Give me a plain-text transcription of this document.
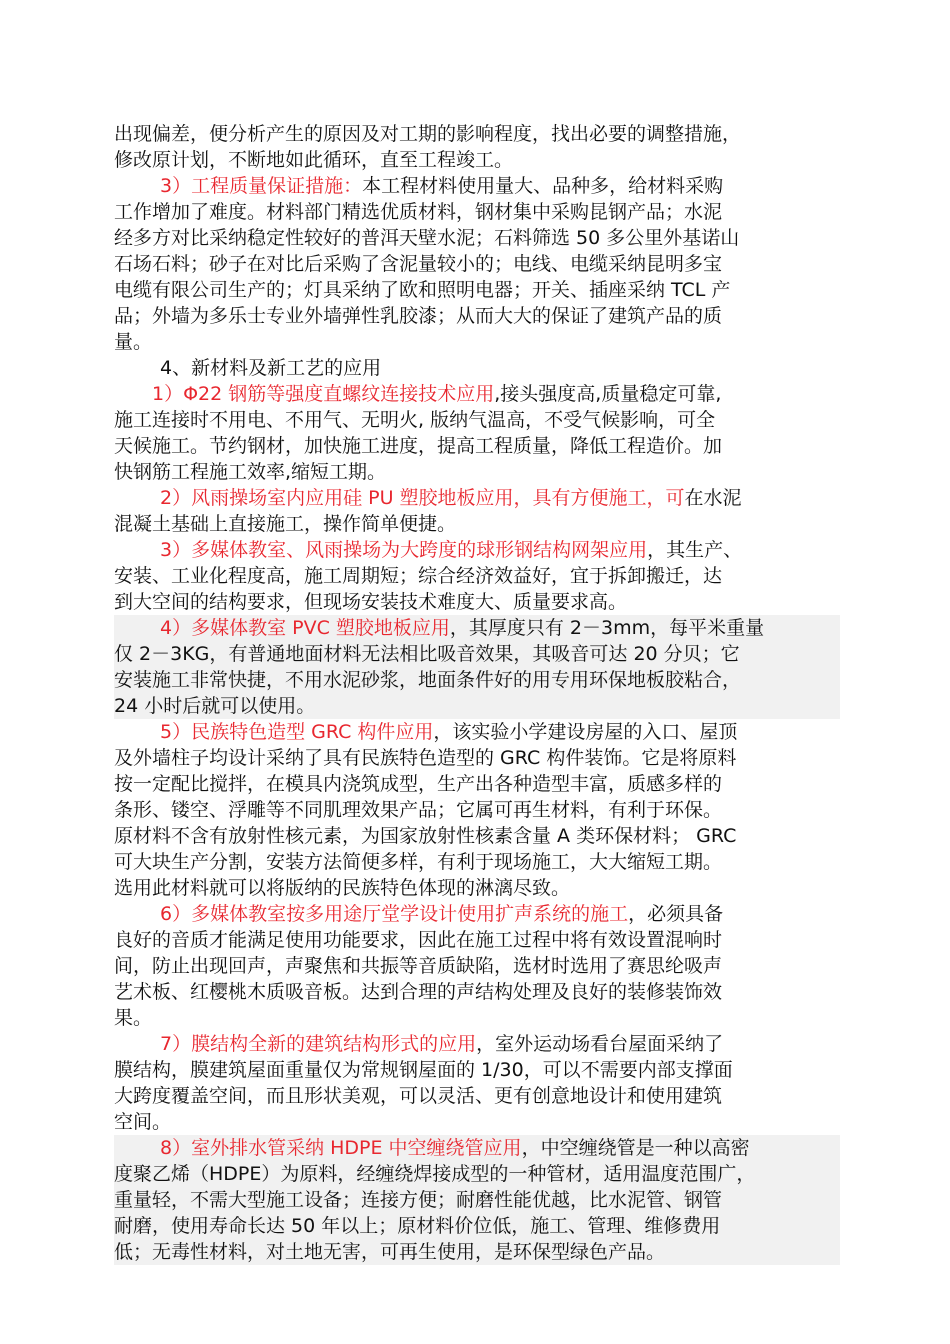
出现偏差，便分析产生的原因及对工期的影响程度，找出必要的调整措施，
修改原计划，不断地如此循环，直至工程竣工。
3）工程质量保证措施：本工程材料使用量大、品种多，给材料采购
工作增加了难度。材料部门精选优质材料，钢材集中采购昆钢产品；水泥
经多方对比采纳稳定性较好的普洱天壁水泥；石料筛选 50 多公里外基诺山
石场石料；砂子在对比后采购了含泥量较小的；电线、电缆采纳昆明多宝
电缆有限公司生产的；灯具采纳了欧和照明电器；开关、插座采纳 TCL 产
品；外墙为多乐士专业外墙弹性乳胶漆；从而大大的保证了建筑产品的质
量。
4、新材料及新工艺的应用
1）Φ22 钢筋等强度直螺纹连接技术应用,接头强度高,质量稳定可靠,
施工连接时不用电、不用气、无明火, 版纳气温高，不受气候影响，可全
天候施工。节约钢材，加快施工进度，提高工程质量，降低工程造价。加
快钢筋工程施工效率,缩短工期。
2）风雨操场室内应用硅 PU 塑胶地板应用，具有方便施工，可在水泥
混凝土基础上直接施工，操作简单便捷。
3）多媒体教室、风雨操场为大跨度的球形钢结构网架应用，其生产、
安装、工业化程度高，施工周期短；综合经济效益好，宜于拆卸搬迁，达
到大空间的结构要求，但现场安装技术难度大、质量要求高。
4）多媒体教室 PVC 塑胶地板应用，其厚度只有 2－3mm，每平米重量
仅 2－3KG，有普通地面材料无法相比吸音效果，其吸音可达 20 分贝；它
安装施工非常快捷，不用水泥砂浆，地面条件好的用专用环保地板胶粘合，
24 小时后就可以使用。
5）民族特色造型 GRC 构件应用，该实验小学建设房屋的入口、屋顶
及外墙柱子均设计采纳了具有民族特色造型的 GRC 构件装饰。它是将原料
按一定配比搅拌，在模具内浇筑成型，生产出各种造型丰富，质感多样的
条形、镂空、浮雕等不同肌理效果产品；它属可再生材料，有利于环保。
原材料不含有放射性核元素，为国家放射性核素含量 A 类环保材料； GRC
可大块生产分割，安装方法简便多样，有利于现场施工，大大缩短工期。
选用此材料就可以将版纳的民族特色体现的淋漓尽致。
6）多媒体教室按多用途厅堂学设计使用扩声系统的施工，必须具备
良好的音质才能满足使用功能要求，因此在施工过程中将有效设置混响时
间，防止出现回声，声聚焦和共振等音质缺陷，选材时选用了赛思纶吸声
艺术板、红樱桃木质吸音板。达到合理的声结构处理及良好的装修装饰效
果。
7）膜结构全新的建筑结构形式的应用，室外运动场看台屋面采纳了
膜结构，膜建筑屋面重量仅为常规钢屋面的 1/30，可以不需要内部支撑面
大跨度覆盖空间，而且形状美观，可以灵活、更有创意地设计和使用建筑
空间。
8）室外排水管采纳 HDPE 中空缠绕管应用，中空缠绕管是一种以高密
度聚乙烯（HDPE）为原料，经缠绕焊接成型的一种管材，适用温度范围广，
重量轻，不需大型施工设备；连接方便；耐磨性能优越，比水泥管、钢管
耐磨，使用寿命长达 50 年以上；原材料价位低，施工、管理、维修费用
低；无毒性材料，对土地无害，可再生使用，是环保型绿色产品。
